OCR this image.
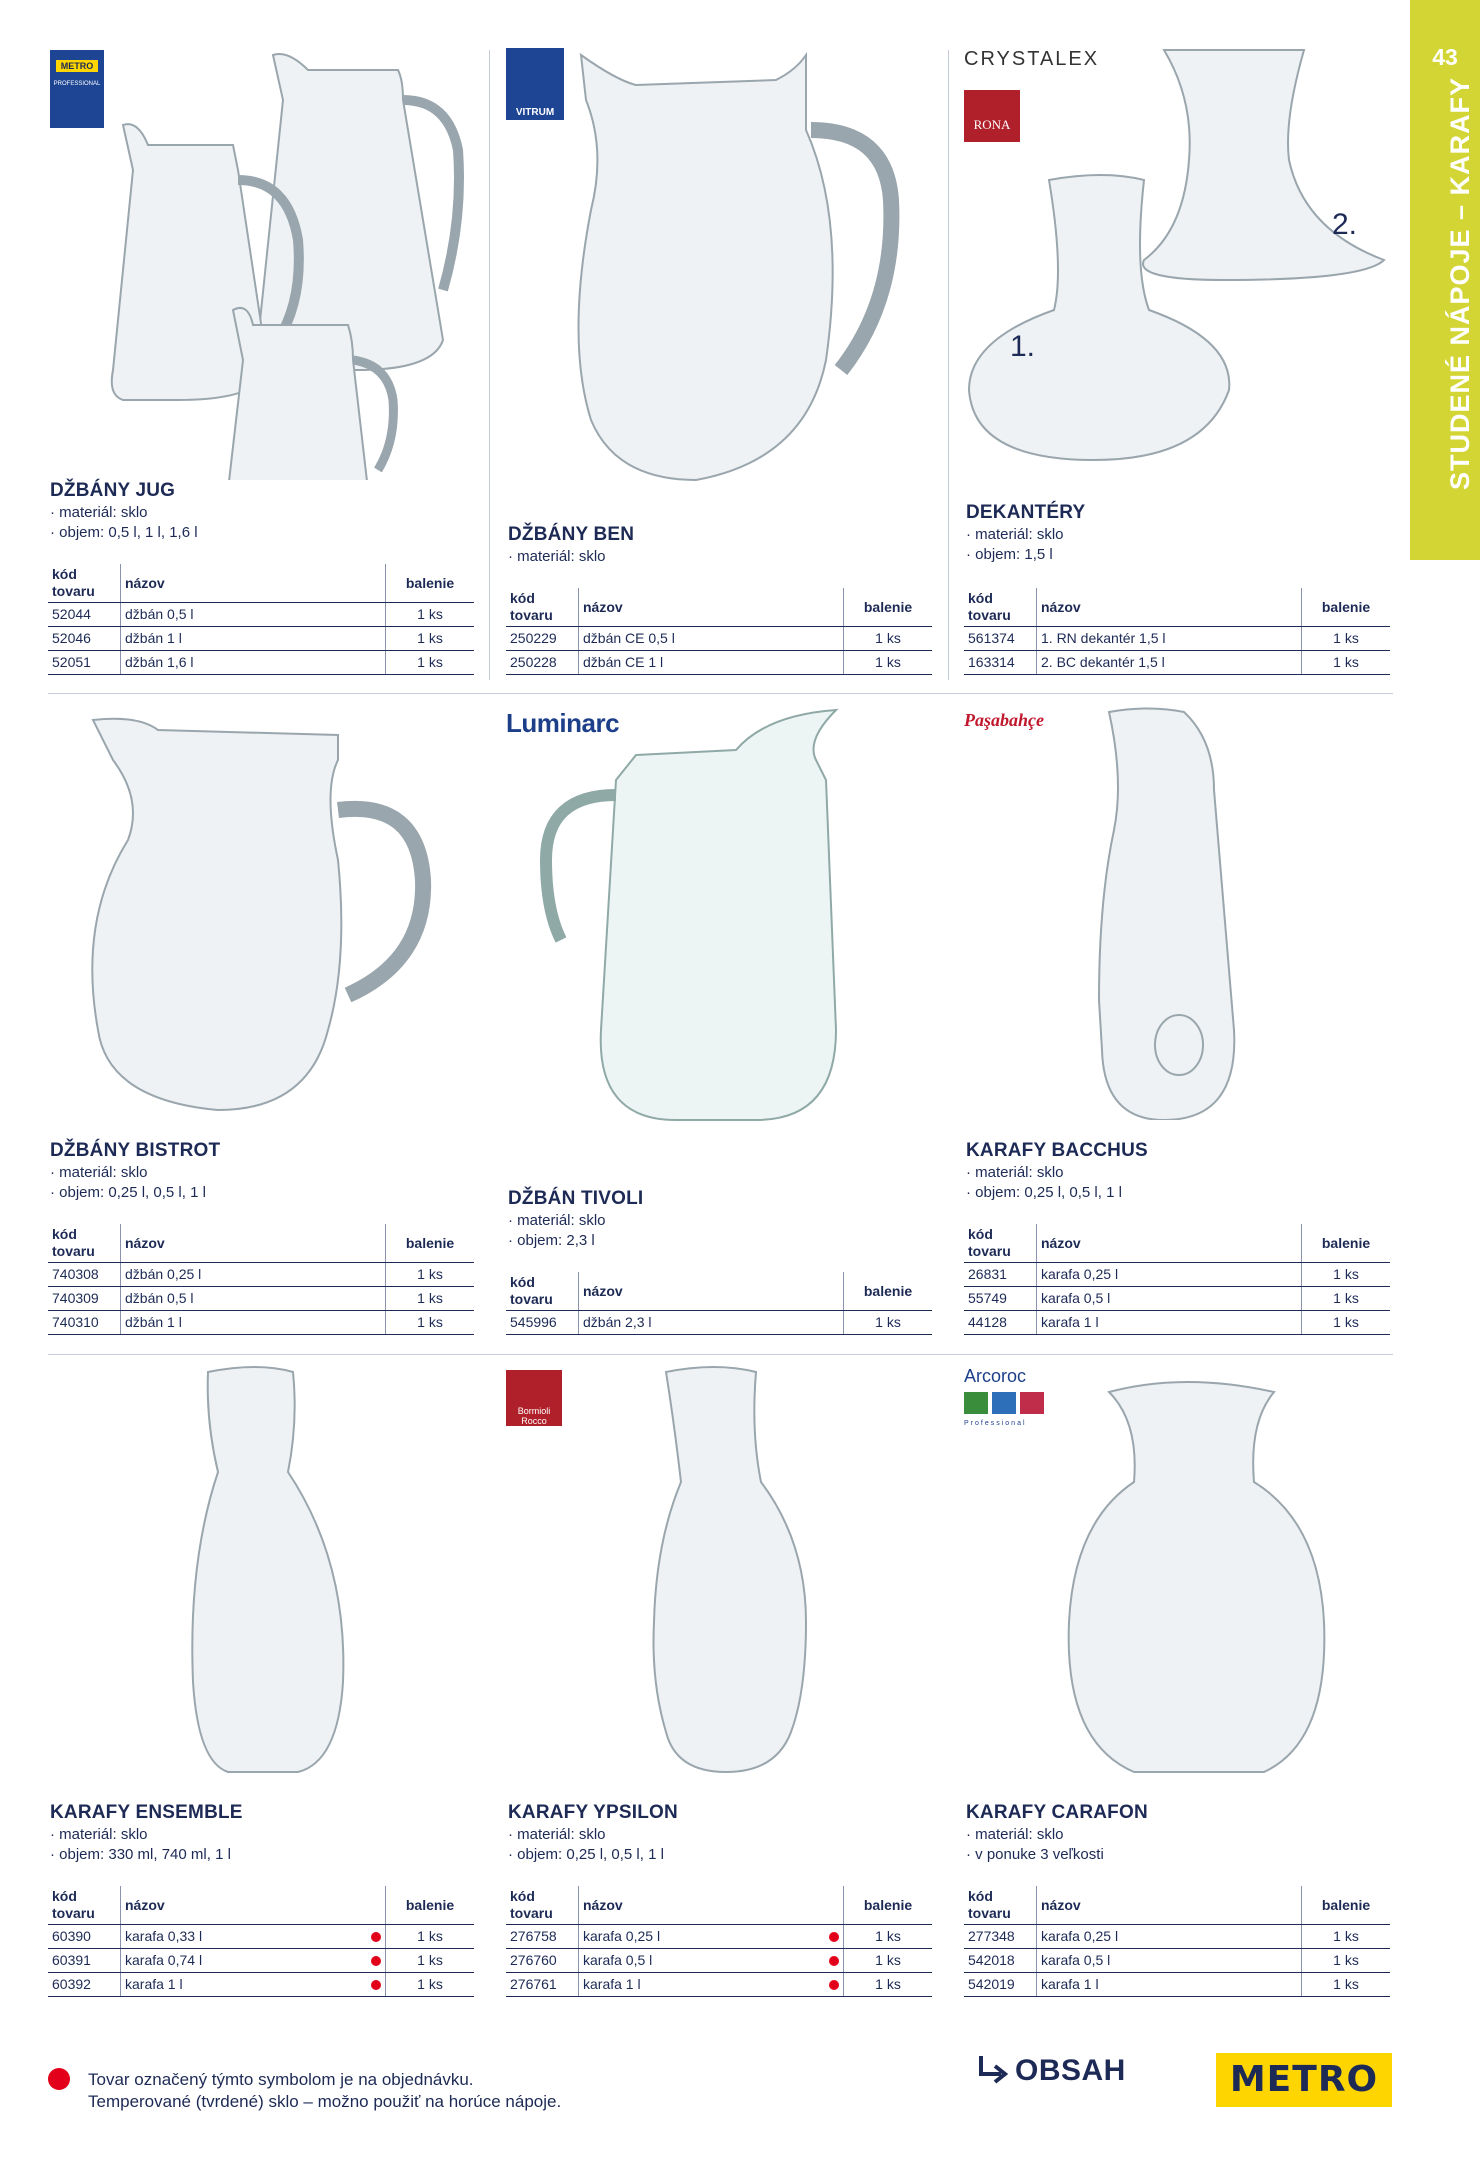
43
STUDENÉ NÁPOJE – KARAFY
METRO
PROFESSIONAL
DŽBÁNY JUG
· materiál: sklo
· objem: 0,5 l, 1 l, 1,6 l
kód tovaru	názov	balenie
52044	džbán 0,5 l	1 ks
52046	džbán 1 l	1 ks
52051	džbán 1,6 l	1 ks
VITRUM
DŽBÁNY BEN
· materiál: sklo
kód tovaru	názov	balenie
250229	džbán CE 0,5 l	1 ks
250228	džbán CE 1 l	1 ks
CRYSTALEX
RONA
1.
2.
DEKANTÉRY
· materiál: sklo
· objem: 1,5 l
kód tovaru	názov	balenie
561374	1. RN dekantér 1,5 l	1 ks
163314	2. BC dekantér 1,5 l	1 ks
DŽBÁNY BISTROT
· materiál: sklo
· objem: 0,25 l, 0,5 l, 1 l
kód tovaru	názov	balenie
740308	džbán 0,25 l	1 ks
740309	džbán 0,5 l	1 ks
740310	džbán 1 l	1 ks
Luminarc
DŽBÁN TIVOLI
· materiál: sklo
· objem: 2,3 l
kód tovaru	názov	balenie
545996	džbán 2,3 l	1 ks
Paşabahçe
KARAFY BACCHUS
· materiál: sklo
· objem: 0,25 l, 0,5 l, 1 l
kód tovaru	názov	balenie
26831	karafa 0,25 l	1 ks
55749	karafa 0,5 l	1 ks
44128	karafa 1 l	1 ks
KARAFY ENSEMBLE
· materiál: sklo
· objem: 330 ml, 740 ml, 1 l
kód tovaru	názov	balenie
60390	karafa 0,33 l	1 ks
60391	karafa 0,74 l	1 ks
60392	karafa 1 l	1 ks
Bormioli Rocco
KARAFY YPSILON
· materiál: sklo
· objem: 0,25 l, 0,5 l, 1 l
kód tovaru	názov	balenie
276758	karafa 0,25 l	1 ks
276760	karafa 0,5 l	1 ks
276761	karafa 1 l	1 ks
Arcoroc
Professional
KARAFY CARAFON
· materiál: sklo
· v ponuke 3 veľkosti
kód tovaru	názov	balenie
277348	karafa 0,25 l	1 ks
542018	karafa 0,5 l	1 ks
542019	karafa 1 l	1 ks
Tovar označený týmto symbolom je na objednávku.
Temperované (tvrdené) sklo – možno použiť na horúce nápoje.
OBSAH	METRO
